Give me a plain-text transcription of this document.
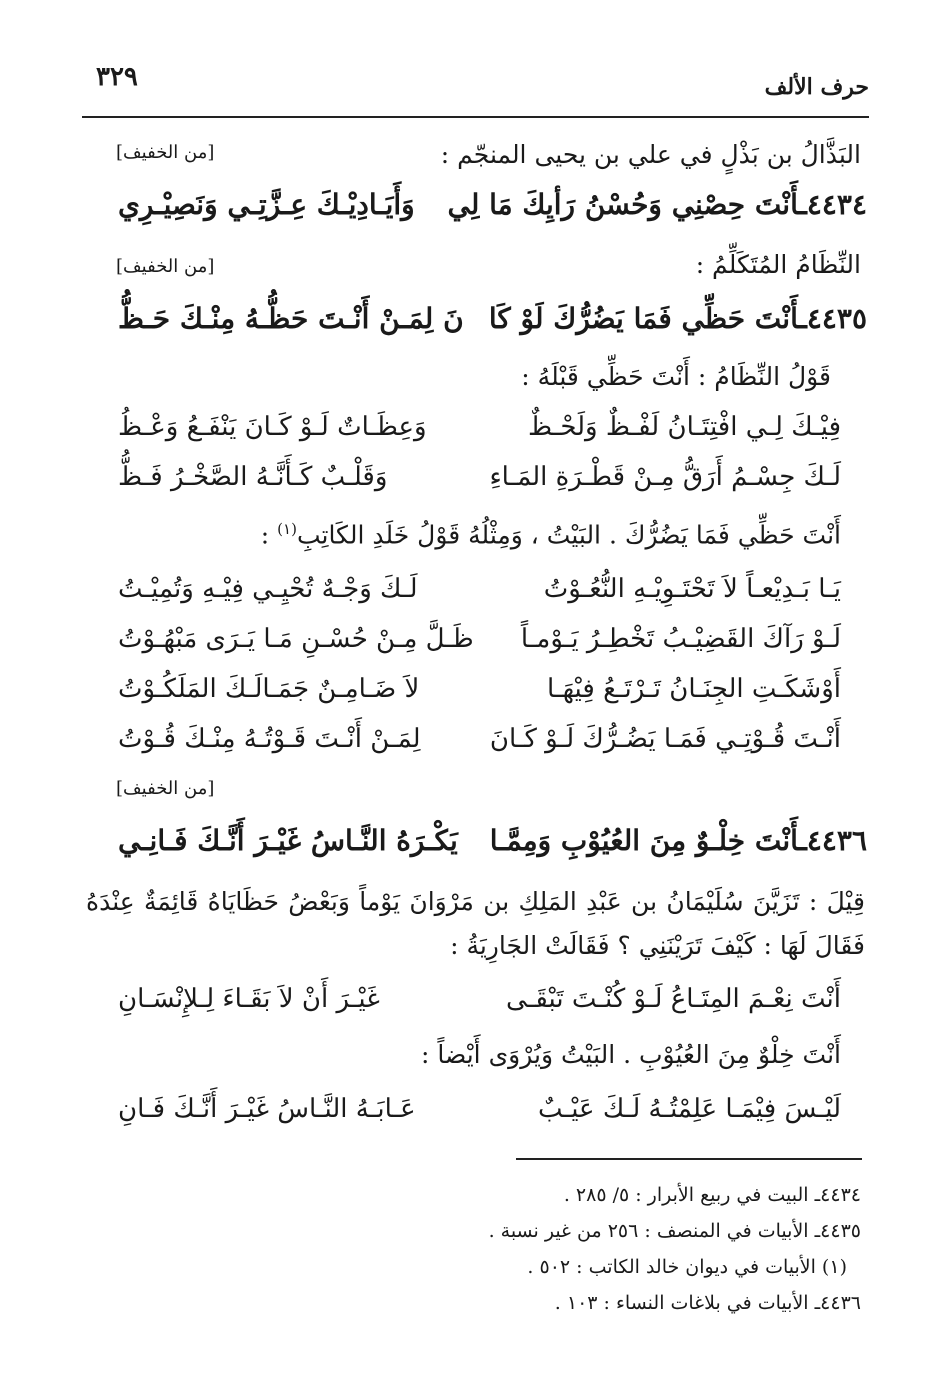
حرف الألف
٣٢٩
البَذَّالُ بن بَذْلٍ في علي بن يحيى المنجّم :
[من الخفيف]
٤٤٣٤ـأَنْتَ حِصْنِي وَحُسْنُ رَأيِكَ مَا لِي
وَأَيَـادِيْـكَ عِـزَّتِـي وَنَصِيْـرِي
النِّظَامُ المُتَكَلِّمُ :
[من الخفيف]
٤٤٣٥ـأَنْتَ حَظِّي فَمَا يَضُرُّكَ لَوْ كَا
نَ لِمَـنْ أَنْـتَ حَظُّـهُ مِنْـكَ حَـظُّ
قَوْلُ النِّظَامُ : أَنْتَ حَظِّي قَبْلَهُ :
فِيْـكَ لِـي افْتِتَـانُ لَفْـظٌ وَلَحْـظٌ
وَعِظَـاتٌ لَـوْ كَـانَ يَنْفَـعُ وَعْـظُ
لَـكَ جِسْـمُ أَرَقُّ مِـنْ قَطْـرَةِ المَـاءِ
وَقَلْـبٌ كَـأَنَّـهُ الصَّخْـرُ فَـظُّ
أَنْتَ حَظِّي فَمَا يَضُرُّكَ . البَيْتُ ، وَمِثْلُهُ قَوْلُ خَلَدِ الكَاتِبِ$^{(١)}$ :
يَـا بَـدِيْعـاً لاَ تَحْتَـوِيْـهِ النُّعُـوْتُ
لَـكَ وَجْـهٌ تُحْيِـي فِيْـهِ وَتُمِيْـتُ
لَـوْ رَآكَ القَضِيْـبُ تَخْطِـرُ يَـوْمـاً
ظَـلَّ مِـنْ حُسْـنِ مَـا يَـرَى مَبْهُـوْتُ
أَوْشَكَـتِ الجِنَـانُ تَـرْتَـعُ فِيْهَـا
لاَ ضَـامِـنٌ جَمَـالَـكَ المَلَكُـوْتُ
أَنْـتَ قُـوْتِـي فَمَـا يَضُـرُّكَ لَـوْ كَـانَ
لِمَـنْ أَنْـتَ قَـوْتُـهُ مِنْـكَ قُـوْتُ
[من الخفيف]
٤٤٣٦ـأَنْتَ خِلْـوٌ مِنَ العُيُوْبِ وَمِمَّـا
يَكْـرَهُ النَّـاسُ غَيْـرَ أَنَّـكَ فَـانِـي
قِيْلَ : تَزَيَّنَ سُلَيْمَانُ بن عَبْدِ المَلِكِ بن مَرْوَانَ يَوْماً وَبَعْضُ حَظَايَاهُ قَائِمَةٌ عِنْدَهُ فَقَالَ لَهَا : كَيْفَ تَرَيْنَنِي ؟ فَقَالَتْ الجَارِيَةُ :
أَنْتَ نِعْـمَ المِتَـاعُ لَـوْ كُنْـتَ تَبْقَـى
غَيْـرَ أَنْ لاَ بَقَـاءَ لِـلإِنْسَـانِ
أَنْتَ خِلْوٌ مِنَ العُيُوْبِ . البَيْتُ وَيُرْوَى أَيْضاً :
لَيْـسَ فِيْمَـا عَلِمْتُـهُ لَـكَ عَيْـبٌ
عَـابَـهُ النَّـاسُ غَيْـرَ أَنَّـكَ فَـانِ
٤٤٣٤ـ البيت في ربيع الأبرار : ٥/ ٢٨٥ .
٤٤٣٥ـ الأبيات في المنصف : ٢٥٦ من غير نسبة .
(١) الأبيات في ديوان خالد الكاتب : ٥٠٢ .
٤٤٣٦ـ الأبيات في بلاغات النساء : ١٠٣ .
